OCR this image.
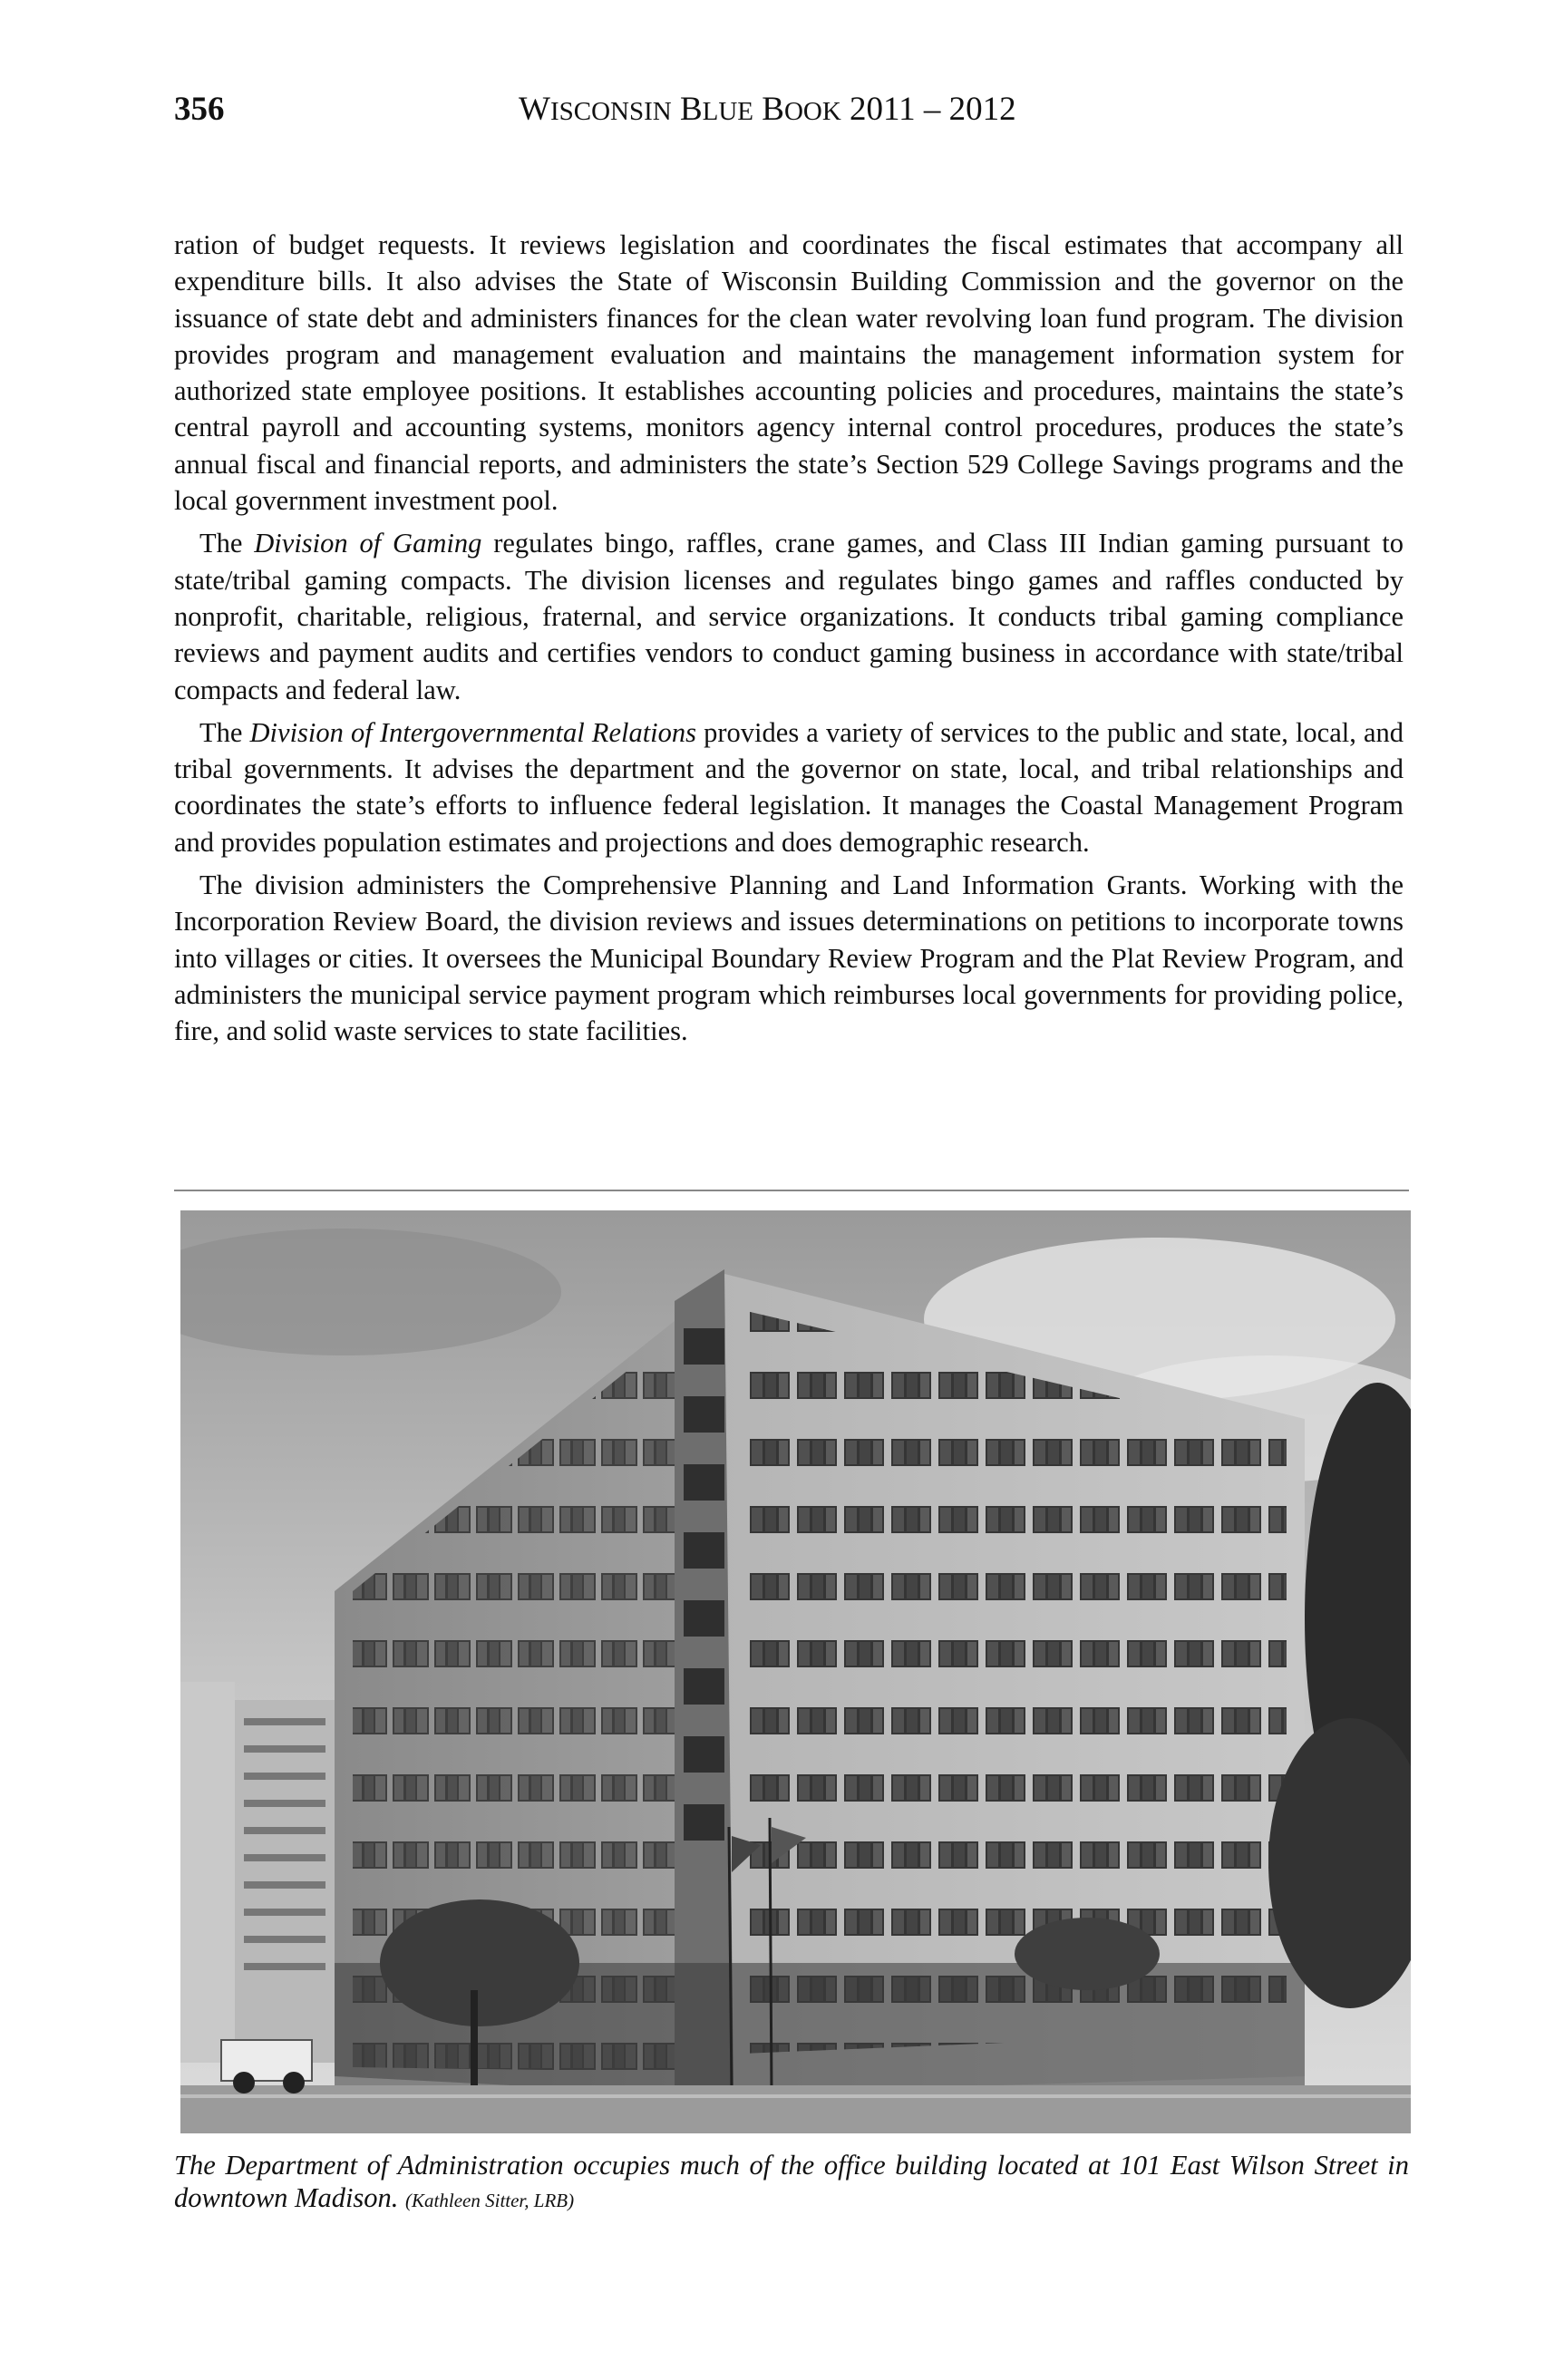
356	WISCONSIN BLUE BOOK 2011 – 2012

ration of budget requests. It reviews legislation and coordinates the fiscal estimates that accompany all expenditure bills. It also advises the State of Wisconsin Building Commission and the governor on the issuance of state debt and administers finances for the clean water revolving loan fund program. The division provides program and management evaluation and maintains the management information system for authorized state employee positions. It establishes accounting policies and procedures, maintains the state’s central payroll and accounting systems, monitors agency internal control procedures, produces the state’s annual fiscal and financial reports, and administers the state’s Section 529 College Savings programs and the local government investment pool.

The Division of Gaming regulates bingo, raffles, crane games, and Class III Indian gaming pursuant to state/tribal gaming compacts. The division licenses and regulates bingo games and raffles conducted by nonprofit, charitable, religious, fraternal, and service organizations. It conducts tribal gaming compliance reviews and payment audits and certifies vendors to conduct gaming business in accordance with state/tribal compacts and federal law.

The Division of Intergovernmental Relations provides a variety of services to the public and state, local, and tribal governments. It advises the department and the governor on state, local, and tribal relationships and coordinates the state’s efforts to influence federal legislation. It manages the Coastal Management Program and provides population estimates and projections and does demographic research.

The division administers the Comprehensive Planning and Land Information Grants. Working with the Incorporation Review Board, the division reviews and issues determinations on petitions to incorporate towns into villages or cities. It oversees the Municipal Boundary Review Program and the Plat Review Program, and administers the municipal service payment program which reimburses local governments for providing police, fire, and solid waste services to state facilities.

The Department of Administration occupies much of the office building located at 101 East Wilson Street in downtown Madison. (Kathleen Sitter, LRB)
